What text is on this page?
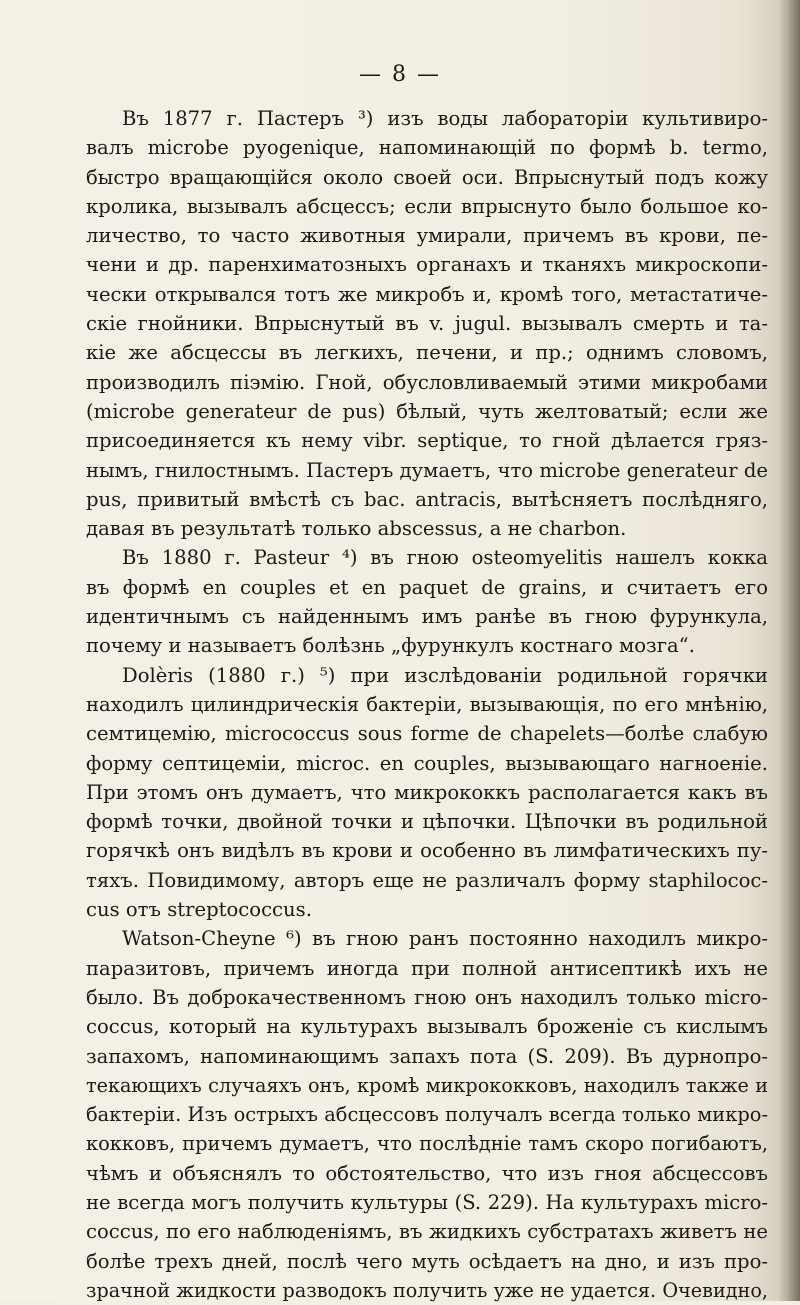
— 8 —
Въ 1877 г. Пастеръ ³) изъ воды лабораторіи культивиро-
валъ micrоbe руоgеniquе, напоминающій по формѣ b. termo,
быстро вращающійся около своей оси. Впрыснутый подъ кожу
кролика, вызывалъ абсцессъ; если впрыснуто было большое ко-
личество, то часто животныя умирали, причемъ въ крови, пе-
чени и др. паренхиматозныхъ органахъ и тканяхъ микроскопи-
чески открывался тотъ же микробъ и, кромѣ того, метастатиче-
скіе гнойники. Впрыснутый въ v. jugul. вызывалъ смерть и та-
кіе же абсцессы въ легкихъ, печени, и пр.; однимъ словомъ,
производилъ піэмію. Гной, обусловливаемый этими микробами
(microbe generateur de pus) бѣлый, чуть желтоватый; если же
присоединяется къ нему vibr. septique, то гной дѣлается гряз-
нымъ, гнилостнымъ. Пастеръ думаетъ, что microbe generateur de
pus, привитый вмѣстѣ съ bac. antracis, вытѣсняетъ послѣдняго,
давая въ результатѣ только abscessus, а не charbon.
Въ 1880 г. Pasteur ⁴) въ гною osteomyelitis нашелъ кокка
въ формѣ en couples et en paquet de grains, и считаетъ его
идентичнымъ съ найденнымъ имъ ранѣе въ гною фурункула,
почему и называетъ болѣзнь „фурункулъ костнаго мозга“.
Dolèris (1880 г.) ⁵) при изслѣдованіи родильной горячки
находилъ цилиндрическія бактеріи, вызывающія, по его мнѣнію,
семтицемію, micrococcus sous forme de chapelets—болѣе слабую
форму септицеміи, microc. en couples, вызывающаго нагноеніе.
При этомъ онъ думаетъ, что микрококкъ располагается какъ въ
формѣ точки, двойной точки и цѣпочки. Цѣпочки въ родильной
горячкѣ онъ видѣлъ въ крови и особенно въ лимфатическихъ пу-
тяхъ. Повидимому, авторъ еще не различалъ форму staphilococ-
cus отъ streptococcus.
Watson-Cheyne ⁶) въ гною ранъ постоянно находилъ микро-
паразитовъ, причемъ иногда при полной антисептикѣ ихъ не
было. Въ доброкачественномъ гною онъ находилъ только micro-
coccus, который на культурахъ вызывалъ броженіе съ кислымъ
запахомъ, напоминающимъ запахъ пота (S. 209). Въ дурнопро-
текающихъ случаяхъ онъ, кромѣ микрококковъ, находилъ также и
бактеріи. Изъ острыхъ абсцессовъ получалъ всегда только микро-
кокковъ, причемъ думаетъ, что послѣдніе тамъ скоро погибаютъ,
чѣмъ и объяснялъ то обстоятельство, что изъ гноя абсцессовъ
не всегда могъ получить культуры (S. 229). На культурахъ micro-
coccus, по его наблюденіямъ, въ жидкихъ субстратахъ живетъ не
болѣе трехъ дней, послѣ чего муть осѣдаетъ на дно, и изъ про-
зрачной жидкости разводокъ получить уже не удается. Очевидно,
